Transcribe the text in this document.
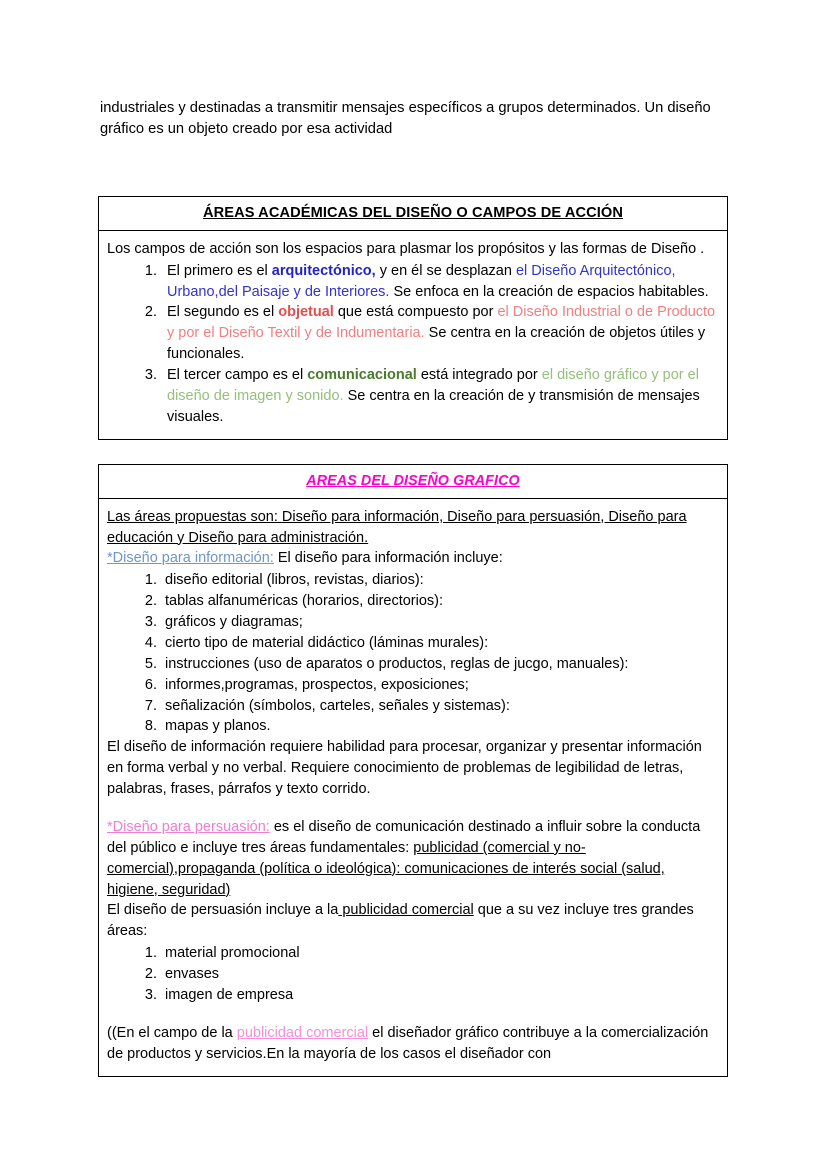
industriales y destinadas a transmitir mensajes específicos a grupos determinados. Un diseño gráfico es un objeto creado por esa actividad

ÁREAS ACADÉMICAS DEL DISEÑO O CAMPOS DE ACCIÓN

Los campos de acción son los espacios para plasmar los propósitos y las formas de Diseño .

1. El primero es el arquitectónico, y en él se desplazan el Diseño Arquitectónico, Urbano,del Paisaje y de Interiores. Se enfoca en la creación de espacios habitables.
2. El segundo es el objetual que está compuesto por el Diseño Industrial o de Producto y por el Diseño Textil y de Indumentaria. Se centra en la creación de objetos útiles y funcionales.
3. El tercer campo es el comunicacional está integrado por el diseño gráfico y por el diseño de imagen y sonido. Se centra en la creación de y transmisión de mensajes visuales.
AREAS DEL DISEÑO GRAFICO

Las áreas propuestas son: Diseño para información, Diseño para persuasión, Diseño para educación y Diseño para administración.

*Diseño para información: El diseño para información incluye:

1. diseño editorial (libros, revistas, diarios):
2. tablas alfanuméricas (horarios, directorios):
3. gráficos y diagramas;
4. cierto tipo de material didáctico (láminas murales):
5. instrucciones (uso de aparatos o productos, reglas de jucgo, manuales):
6. informes,programas, prospectos, exposiciones;
7. señalización (símbolos, carteles, señales y sistemas):
8. mapas y planos.

El diseño de información requiere habilidad para procesar, organizar y presentar información en forma verbal y no verbal. Requiere conocimiento de problemas de legibilidad de letras, palabras, frases, párrafos y texto corrido.

*Diseño para persuasión: es el diseño de comunicación destinado a influir sobre la conducta del público e incluye tres áreas fundamentales: publicidad (comercial y no-comercial),propaganda (política o ideológica): comunicaciones de interés social (salud, higiene, seguridad)

El diseño de persuasión incluye a la publicidad comercial que a su vez incluye tres grandes áreas:

1. material promocional
2. envases
3. imagen de empresa

((En el campo de la publicidad comercial el diseñador gráfico contribuye a la comercialización de productos y servicios.En la mayoría de los casos el diseñador con
